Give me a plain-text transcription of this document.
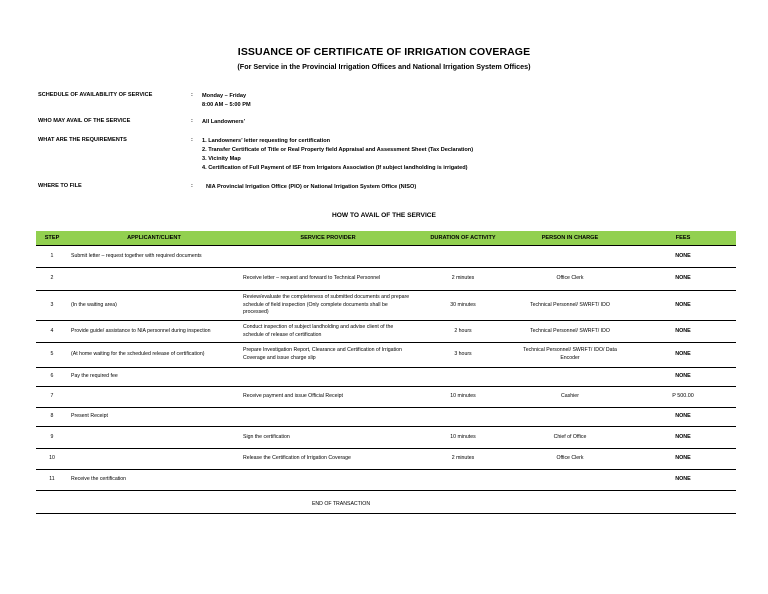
ISSUANCE OF CERTIFICATE OF IRRIGATION COVERAGE
(For Service in the Provincial Irrigation Offices and National Irrigation System Offices)
SCHEDULE OF AVAILABILITY OF SERVICE	: Monday – Friday
8:00 AM – 5:00 PM
WHO MAY AVAIL OF THE SERVICE	: All Landowners’
WHAT ARE THE REQUIREMENTS	: 1. Landowners’ letter requesting for certification
2. Transfer Certificate of Title or Real Property field Appraisal and Assessment Sheet (Tax Declaration)
3. Vicinity Map
4. Certification of Full Payment of ISF from Irrigators Association (If subject landholding is irrigated)
WHERE TO FILE	: NIA Provincial Irrigation Office (PIO) or National Irrigation System Office (NISO)
HOW TO AVAIL OF THE SERVICE
STEP	APPLICANT/CLIENT	SERVICE PROVIDER	DURATION OF ACTIVITY	PERSON IN CHARGE	FEES
1	Submit letter – request together with required documents				NONE
2		Receive letter – request and forward to Technical Personnel	2 minutes	Office Clerk	NONE
3	(In the waiting area)	Review/evaluate the completeness of submitted documents and prepare schedule of field inspection (Only complete documents shall be processed)	30 minutes	Technical Personnel/ SWRFT/ IDO	NONE
4	Provide guide/ assistance to NIA personnel during inspection	Conduct inspection of subject landholding and advise client of the schedule of release of certification	2 hours	Technical Personnel/ SWRFT/ IDO	NONE
5	(At home waiting for the scheduled release of certification)	Prepare Investigation Report, Clearance and Certification of Irrigation Coverage and issue charge slip	3 hours	Technical Personnel/ SWRFT/ IDO/ Data Encoder	NONE
6	Pay the required fee				NONE
7		Receive payment and issue Official Receipt	10 minutes	Cashier	P 500.00
8	Present Receipt				NONE
9		Sign the certification	10 minutes	Chief of Office	NONE
10		Release the Certification of Irrigation Coverage	2 minutes	Office Clerk	NONE
11	Receive the certification				NONE
END OF TRANSACTION
